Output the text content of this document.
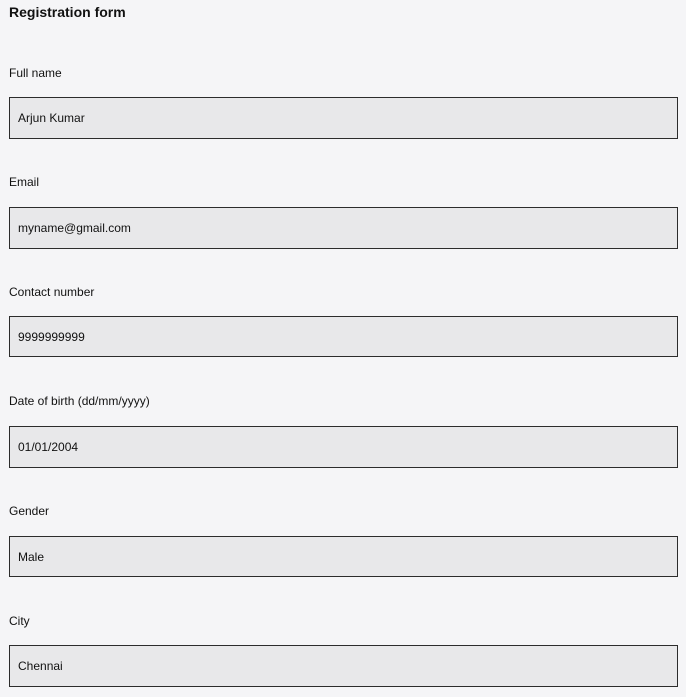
Registration form
Full name
Arjun Kumar
Email
myname@gmail.com
Contact number
9999999999
Date of birth (dd/mm/yyyy)
01/01/2004
Gender
Male
City
Chennai
